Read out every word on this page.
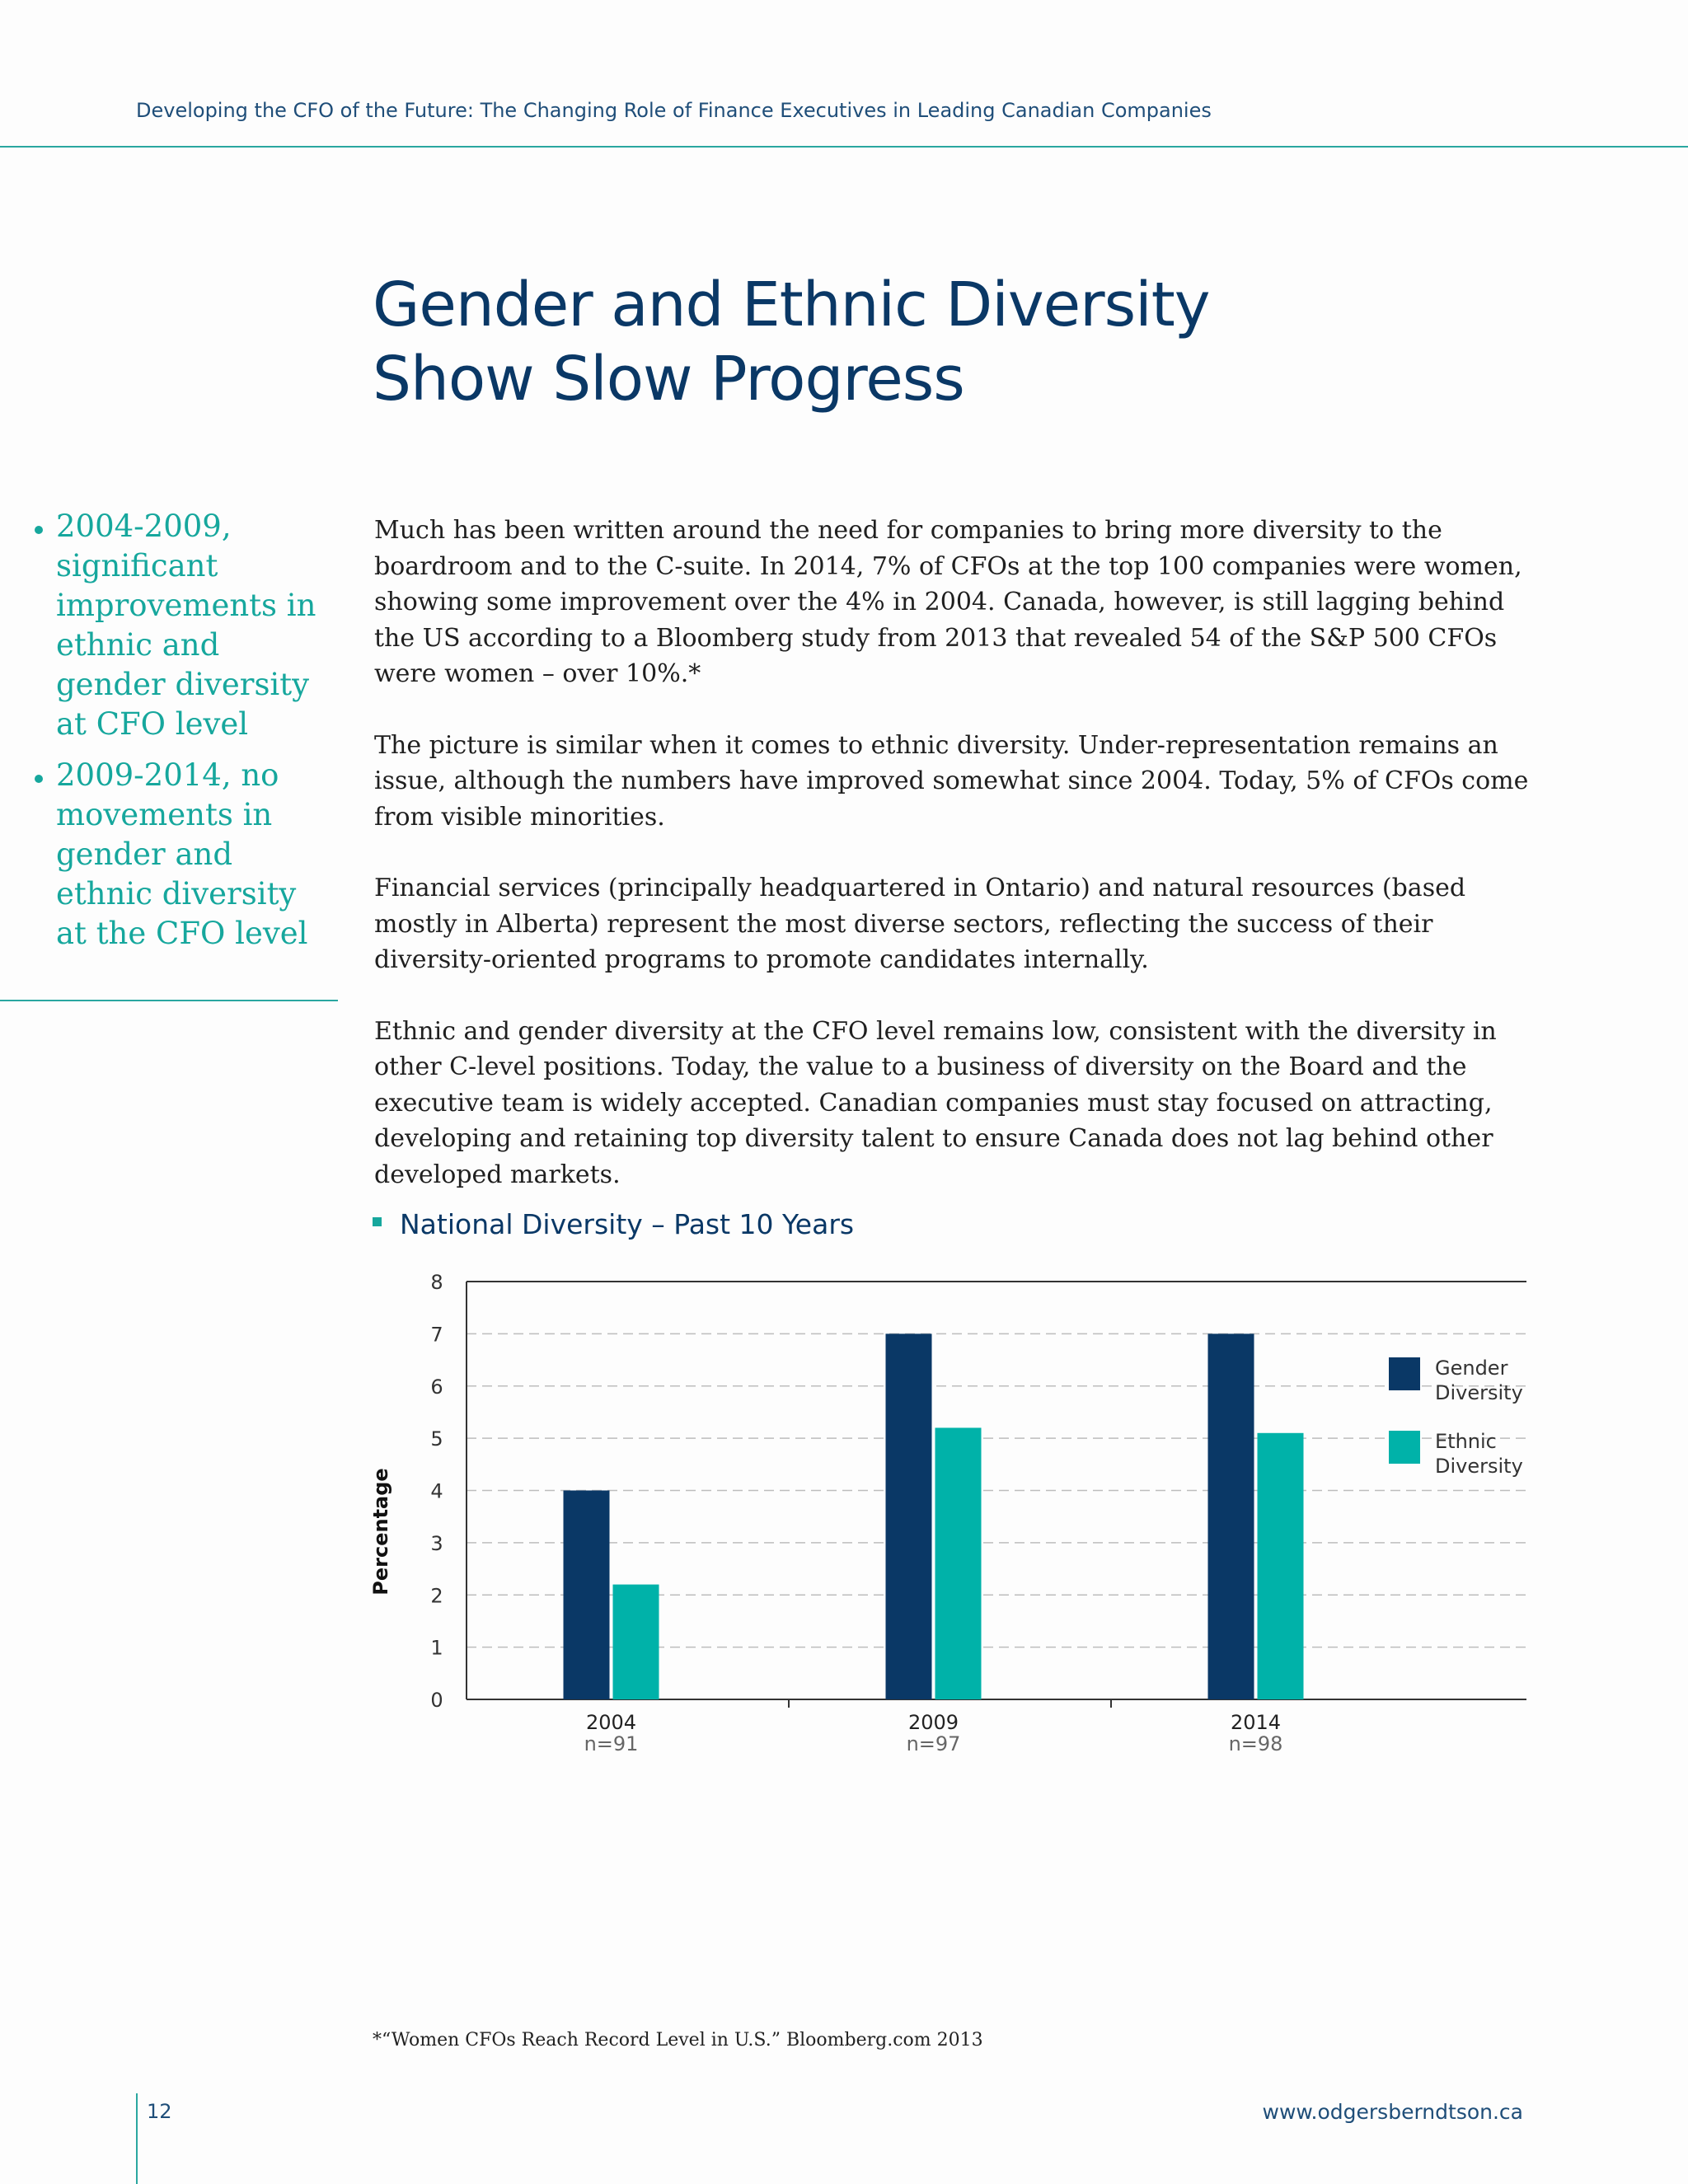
Developing the CFO of the Future: The Changing Role of Finance Executives in Leading Canadian Companies
Gender and Ethnic Diversity
Show Slow Progress
2004-2009, significant improvements in ethnic and gender diversity at CFO level
2009-2014, no movements in gender and ethnic diversity at the CFO level

Much has been written around the need for companies to bring more diversity to the boardroom and to the C-suite. In 2014, 7% of CFOs at the top 100 companies were women, showing some improvement over the 4% in 2004. Canada, however, is still lagging behind the US according to a Bloomberg study from 2013 that revealed 54 of the S&P 500 CFOs were women – over 10%.*

The picture is similar when it comes to ethnic diversity. Under-representation remains an issue, although the numbers have improved somewhat since 2004. Today, 5% of CFOs come from visible minorities.

Financial services (principally headquartered in Ontario) and natural resources (based mostly in Alberta) represent the most diverse sectors, reflecting the success of their diversity-oriented programs to promote candidates internally.

Ethnic and gender diversity at the CFO level remains low, consistent with the diversity in other C-level positions. Today, the value to a business of diversity on the Board and the executive team is widely accepted. Canadian companies must stay focused on attracting, developing and retaining top diversity talent to ensure Canada does not lag behind other developed markets.

National Diversity – Past 10 Years
0
1
2
3
4
5
6
7
8
2004
n=91
2009
n=97
2014
n=98
Percentage
Gender
Diversity
Ethnic
Diversity
*“Women CFOs Reach Record Level in U.S.” Bloomberg.com 2013
12	www.odgersberndtson.ca
